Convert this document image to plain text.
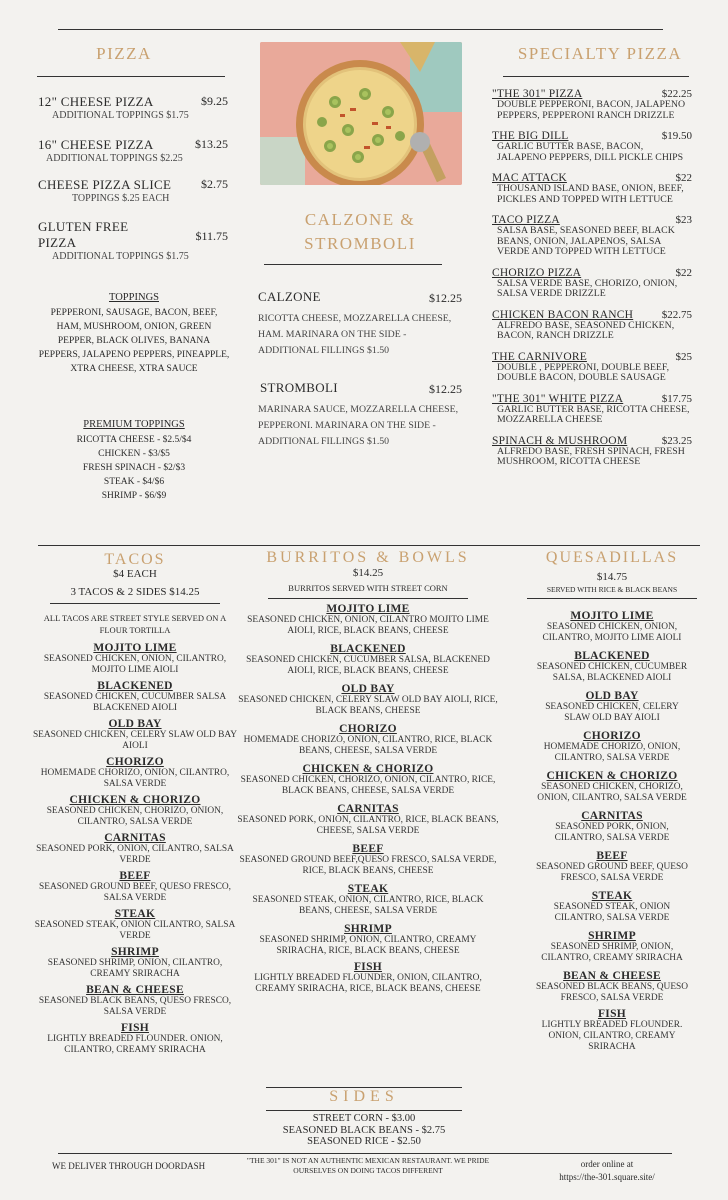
PIZZA
12" CHEESE PIZZA	$9.25
ADDITIONAL TOPPINGS $1.75
16" CHEESE PIZZA	$13.25
ADDITIONAL TOPPINGS $2.25
CHEESE PIZZA SLICE	$2.75
TOPPINGS $.25 EACH
GLUTEN FREE PIZZA	$11.75
ADDITIONAL TOPPINGS $1.75
TOPPINGS
PEPPERONI, SAUSAGE, BACON, BEEF, HAM, MUSHROOM, ONION, GREEN PEPPER, BLACK OLIVES, BANANA PEPPERS, JALAPENO PEPPERS, PINEAPPLE, XTRA CHEESE, XTRA SAUCE
PREMIUM TOPPINGS
RICOTTA CHEESE - $2.5/$4
CHICKEN - $3/$5
FRESH SPINACH - $2/$3
STEAK - $4/$6
SHRIMP - $6/$9
CALZONE & STROMBOLI
CALZONE	$12.25
RICOTTA CHEESE, MOZZARELLA CHEESE, HAM. MARINARA ON THE SIDE - ADDITIONAL FILLINGS $1.50
STROMBOLI	$12.25
MARINARA SAUCE, MOZZARELLA CHEESE, PEPPERONI. MARINARA ON THE SIDE - ADDITIONAL FILLINGS $1.50
SPECIALTY PIZZA
"THE 301" PIZZA	$22.25
DOUBLE PEPPERONI, BACON, JALAPENO PEPPERS, PEPPERONI RANCH DRIZZLE
THE BIG DILL	$19.50
GARLIC BUTTER BASE, BACON, JALAPENO PEPPERS, DILL PICKLE CHIPS
MAC ATTACK	$22
THOUSAND ISLAND BASE, ONION, BEEF, PICKLES AND TOPPED WITH LETTUCE
TACO PIZZA	$23
SALSA BASE, SEASONED BEEF, BLACK BEANS, ONION, JALAPENOS, SALSA VERDE AND TOPPED WITH LETTUCE
CHORIZO PIZZA	$22
SALSA VERDE BASE, CHORIZO, ONION, SALSA VERDE DRIZZLE
CHICKEN BACON RANCH	$22.75
ALFREDO BASE, SEASONED CHICKEN, BACON, RANCH DRIZZLE
THE CARNIVORE	$25
DOUBLE , PEPPERONI, DOUBLE BEEF, DOUBLE BACON, DOUBLE SAUSAGE
"THE 301" WHITE PIZZA	$17.75
GARLIC BUTTER BASE, RICOTTA CHEESE, MOZZARELLA CHEESE
SPINACH & MUSHROOM	$23.25
ALFREDO BASE, FRESH SPINACH, FRESH MUSHROOM, RICOTTA CHEESE
TACOS
$4 EACH
3 TACOS & 2 SIDES $14.25
ALL TACOS ARE STREET STYLE SERVED ON A FLOUR TORTILLA
MOJITO LIME
SEASONED CHICKEN, ONION, CILANTRO, MOJITO LIME AIOLI
BLACKENED
SEASONED CHICKEN, CUCUMBER SALSA BLACKENED AIOLI
OLD BAY
SEASONED CHICKEN, CELERY SLAW OLD BAY AIOLI
CHORIZO
HOMEMADE CHORIZO, ONION, CILANTRO, SALSA VERDE
CHICKEN & CHORIZO
SEASONED CHICKEN, CHORIZO, ONION, CILANTRO, SALSA VERDE
CARNITAS
SEASONED PORK, ONION, CILANTRO, SALSA VERDE
BEEF
SEASONED GROUND BEEF, QUESO FRESCO, SALSA VERDE
STEAK
SEASONED STEAK, ONION CILANTRO, SALSA VERDE
SHRIMP
SEASONED SHRIMP, ONION, CILANTRO, CREAMY SRIRACHA
BEAN & CHEESE
SEASONED BLACK BEANS, QUESO FRESCO, SALSA VERDE
FISH
LIGHTLY BREADED FLOUNDER. ONION, CILANTRO, CREAMY SRIRACHA
BURRITOS & BOWLS
$14.25
BURRITOS SERVED WITH STREET CORN
MOJITO LIME
SEASONED CHICKEN, ONION, CILANTRO MOJITO LIME AIOLI, RICE, BLACK BEANS, CHEESE
BLACKENED
SEASONED CHICKEN, CUCUMBER SALSA, BLACKENED AIOLI, RICE, BLACK BEANS, CHEESE
OLD BAY
SEASONED CHICKEN, CELERY SLAW OLD BAY AIOLI, RICE, BLACK BEANS, CHEESE
CHORIZO
HOMEMADE CHORIZO, ONION, CILANTRO, RICE, BLACK BEANS, CHEESE, SALSA VERDE
CHICKEN & CHORIZO
SEASONED CHICKEN, CHORIZO, ONION, CILANTRO, RICE, BLACK BEANS, CHEESE, SALSA VERDE
CARNITAS
SEASONED PORK, ONION, CILANTRO, RICE, BLACK BEANS, CHEESE, SALSA VERDE
BEEF
SEASONED GROUND BEEF,QUESO FRESCO, SALSA VERDE, RICE, BLACK BEANS, CHEESE
STEAK
SEASONED STEAK, ONION, CILANTRO, RICE, BLACK BEANS, CHEESE, SALSA VERDE
SHRIMP
SEASONED SHRIMP, ONION, CILANTRO, CREAMY SRIRACHA, RICE, BLACK BEANS, CHEESE
FISH
LIGHTLY BREADED FLOUNDER, ONION, CILANTRO, CREAMY SRIRACHA, RICE, BLACK BEANS, CHEESE
SIDES
STREET CORN - $3.00
SEASONED BLACK BEANS - $2.75
SEASONED RICE - $2.50
QUESADILLAS
$14.75
SERVED WITH RICE & BLACK BEANS
MOJITO LIME
SEASONED CHICKEN, ONION, CILANTRO, MOJITO LIME AIOLI
BLACKENED
SEASONED CHICKEN, CUCUMBER SALSA, BLACKENED AIOLI
OLD BAY
SEASONED CHICKEN, CELERY SLAW OLD BAY AIOLI
CHORIZO
HOMEMADE CHORIZO, ONION, CILANTRO, SALSA VERDE
CHICKEN & CHORIZO
SEASONED CHICKEN, CHORIZO, ONION, CILANTRO, SALSA VERDE
CARNITAS
SEASONED PORK, ONION, CILANTRO, SALSA VERDE
BEEF
SEASONED GROUND BEEF, QUESO FRESCO, SALSA VERDE
STEAK
SEASONED STEAK, ONION CILANTRO, SALSA VERDE
SHRIMP
SEASONED SHRIMP, ONION, CILANTRO, CREAMY SRIRACHA
BEAN & CHEESE
SEASONED BLACK BEANS, QUESO FRESCO, SALSA VERDE
FISH
LIGHTLY BREADED FLOUNDER. ONION, CILANTRO, CREAMY SRIRACHA
WE DELIVER THROUGH DOORDASH
"THE 301" IS NOT AN AUTHENTIC MEXICAN RESTAURANT. WE PRIDE OURSELVES ON DOING TACOS DIFFERENT
order online at
https://the-301.square.site/
